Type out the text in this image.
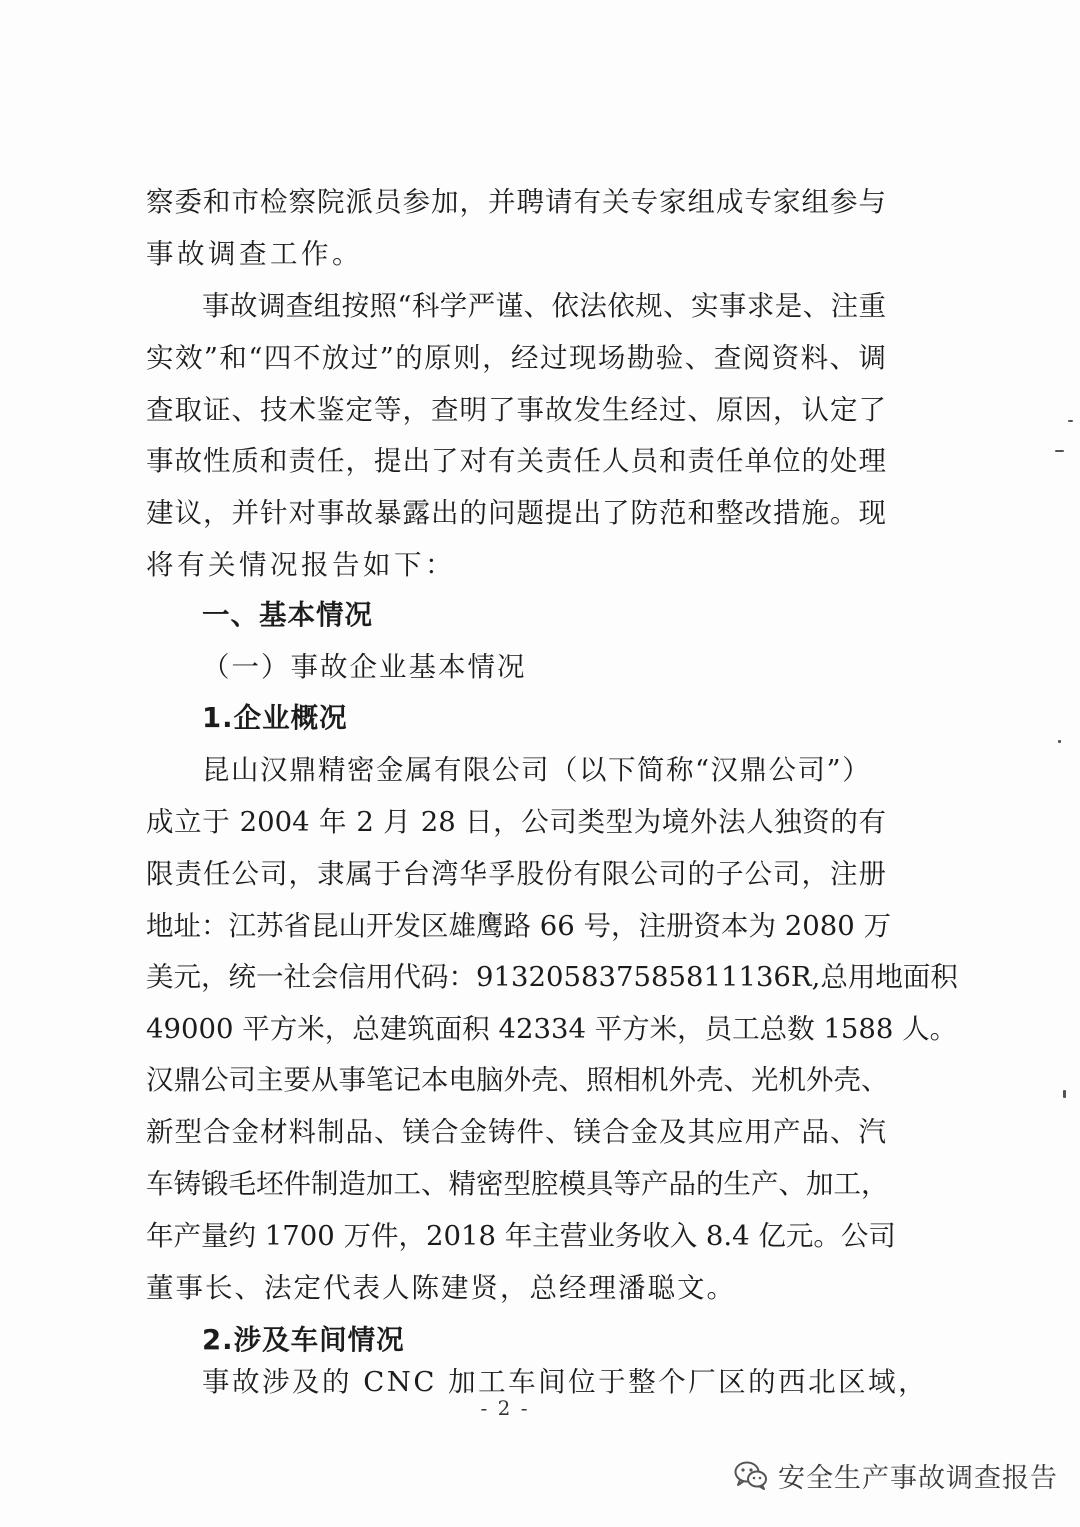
察委和市检察院派员参加，并聘请有关专家组成专家组参与
事故调查工作。
事故调查组按照“科学严谨、依法依规、实事求是、注重
实效”和“四不放过”的原则，经过现场勘验、查阅资料、调
查取证、技术鉴定等，查明了事故发生经过、原因，认定了
事故性质和责任，提出了对有关责任人员和责任单位的处理
建议，并针对事故暴露出的问题提出了防范和整改措施。现
将有关情况报告如下：
一、基本情况
（一）事故企业基本情况
1.企业概况
昆山汉鼎精密金属有限公司（以下简称“汉鼎公司”）
成立于 2004 年 2 月 28 日，公司类型为境外法人独资的有
限责任公司，隶属于台湾华孚股份有限公司的子公司，注册
地址：江苏省昆山开发区雄鹰路 66 号，注册资本为 2080 万
美元，统一社会信用代码：913205837585811136R,总用地面积
49000 平方米，总建筑面积 42334 平方米，员工总数 1588 人。
汉鼎公司主要从事笔记本电脑外壳、照相机外壳、光机外壳、
新型合金材料制品、镁合金铸件、镁合金及其应用产品、汽
车铸锻毛坯件制造加工、精密型腔模具等产品的生产、加工，
年产量约 1700 万件，2018 年主营业务收入 8.4 亿元。公司
董事长、法定代表人陈建贤，总经理潘聪文。
2.涉及车间情况
事故涉及的 CNC 加工车间位于整个厂区的西北区域，
- 2 -
安全生产事故调查报告
